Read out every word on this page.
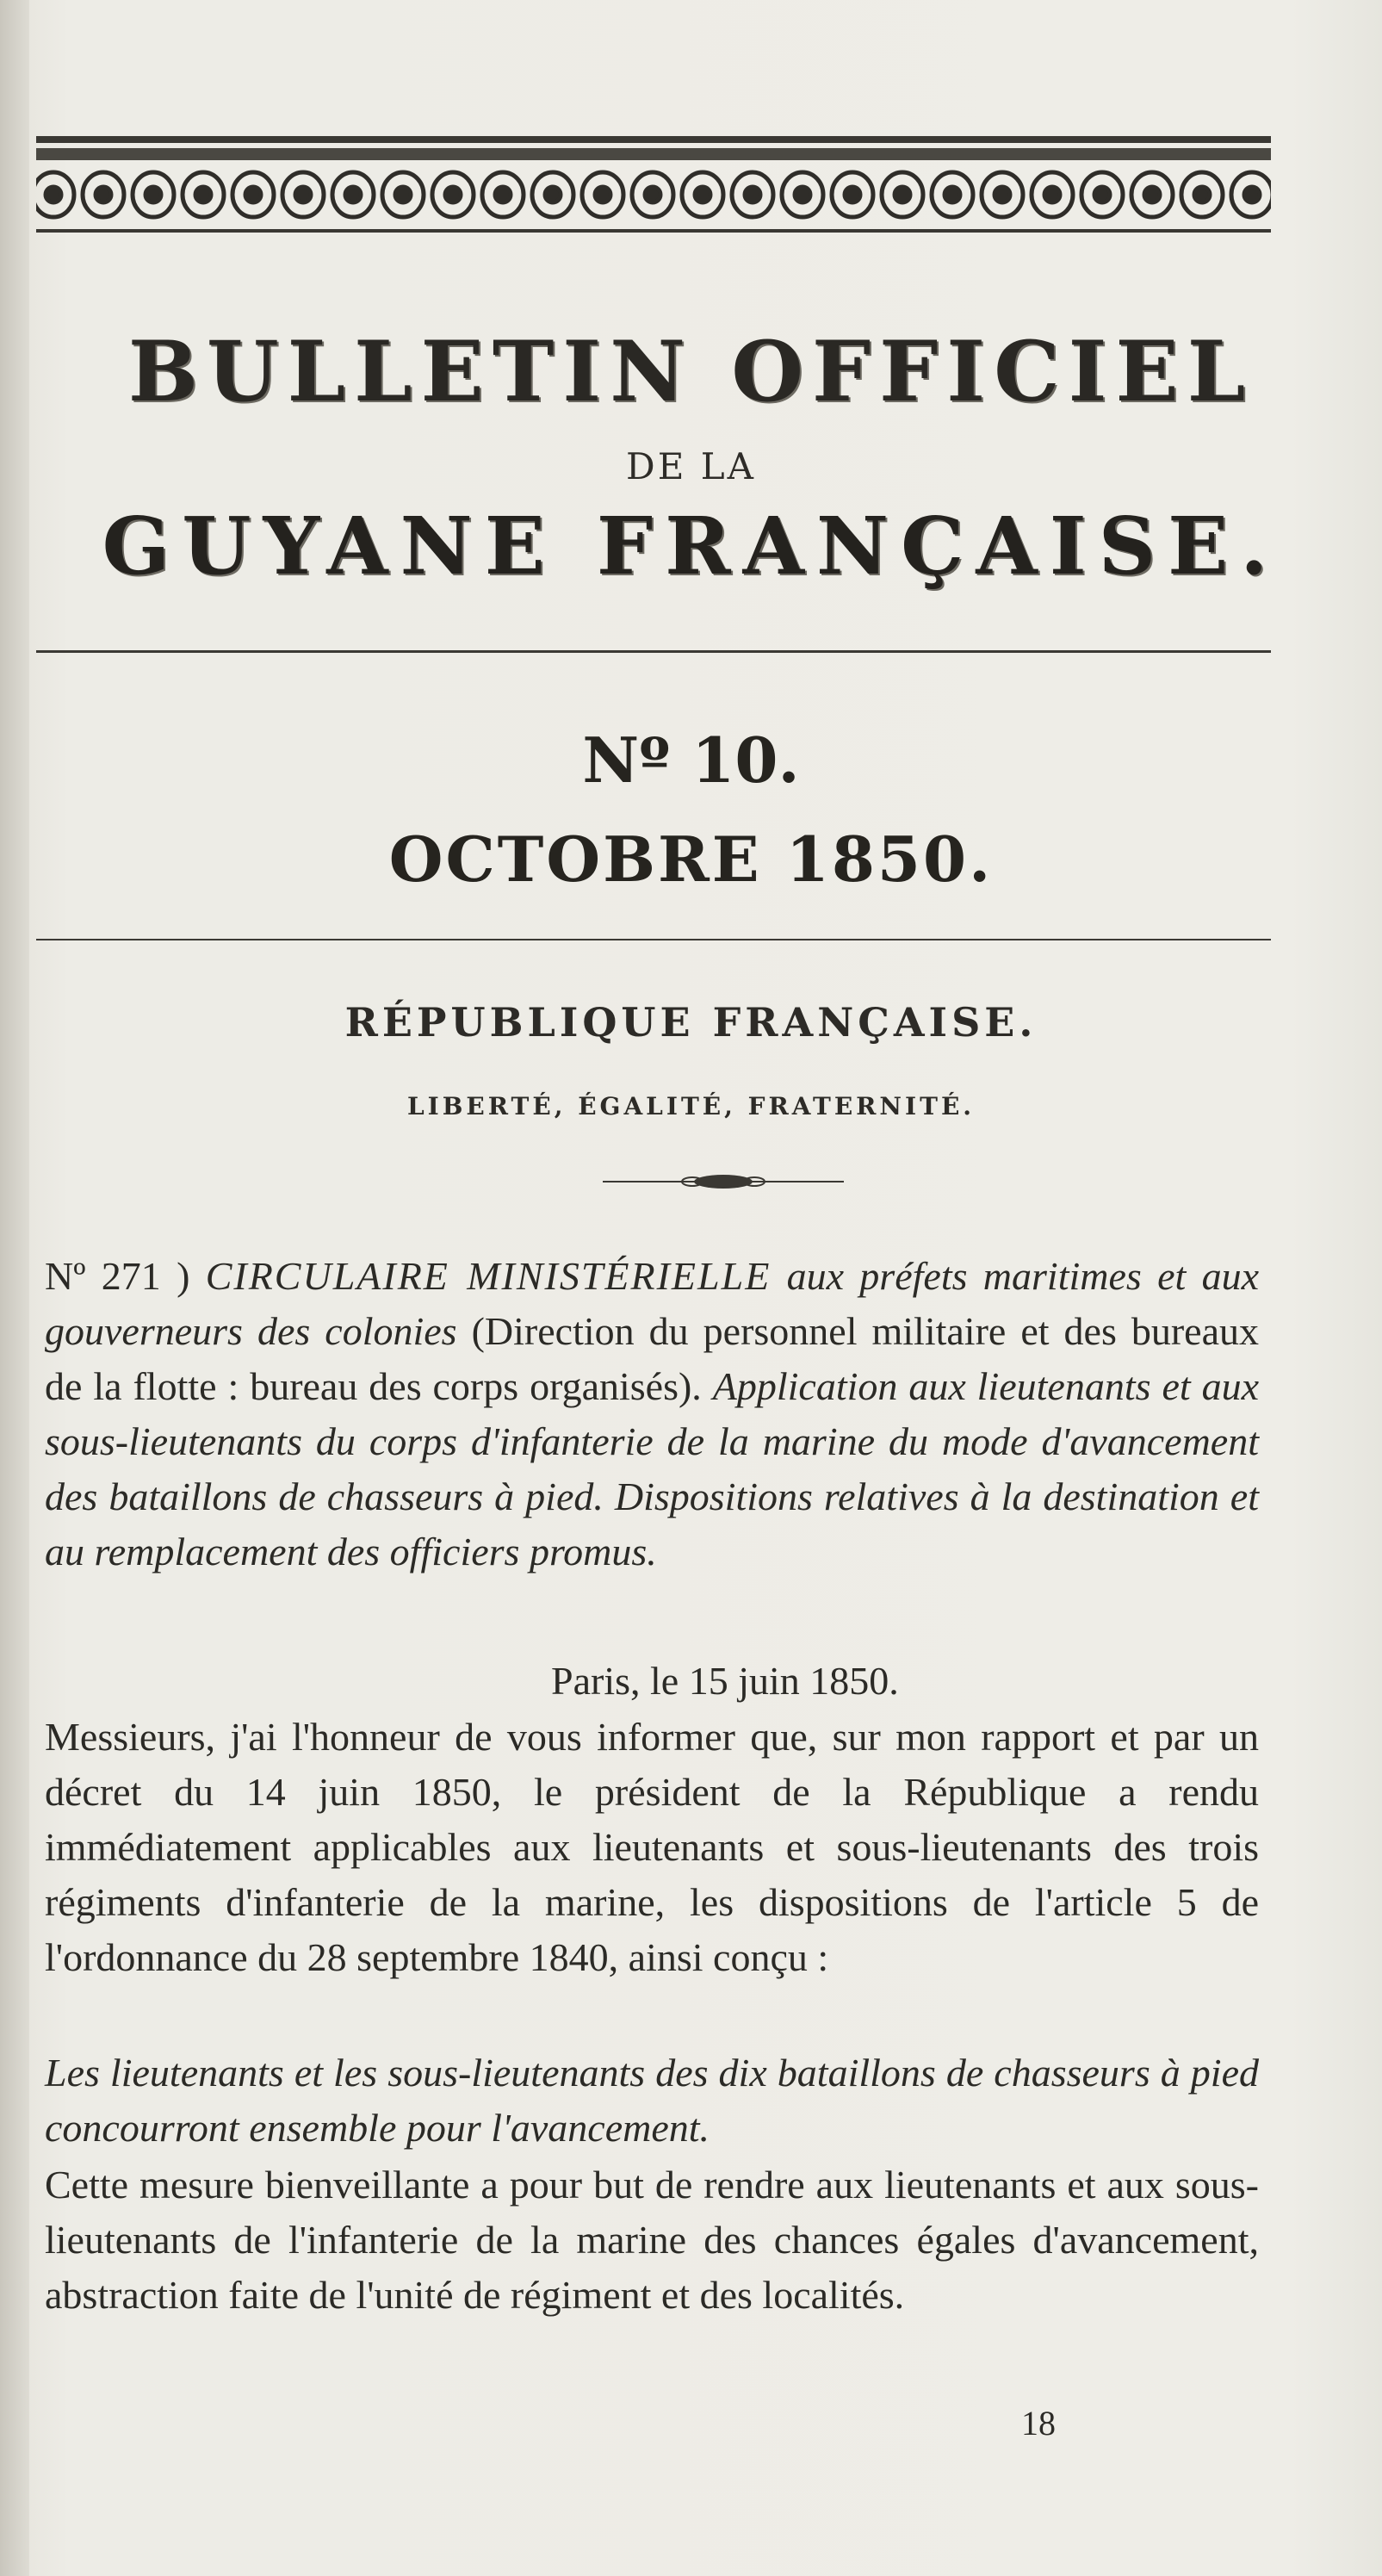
BULLETIN OFFICIEL
DE LA
GUYANE FRANÇAISE.
Nº 10.
OCTOBRE 1850.
RÉPUBLIQUE FRANÇAISE.
LIBERTÉ, ÉGALITÉ, FRATERNITÉ.
Nº 271 ) CIRCULAIRE MINISTÉRIELLE aux préfets maritimes et aux gouverneurs des colonies (Direction du personnel militaire et des bureaux de la flotte : bureau des corps organisés). Application aux lieutenants et aux sous-lieutenants du corps d'infanterie de la marine du mode d'avancement des bataillons de chasseurs à pied. Dispositions relatives à la destination et au remplacement des officiers promus.
Paris, le 15 juin 1850.
Messieurs, j'ai l'honneur de vous informer que, sur mon rapport et par un décret du 14 juin 1850, le président de la République a rendu immédiatement applicables aux lieutenants et sous-lieutenants des trois régiments d'infanterie de la marine, les dispositions de l'article 5 de l'ordonnance du 28 septembre 1840, ainsi conçu :
Les lieutenants et les sous-lieutenants des dix bataillons de chasseurs à pied concourront ensemble pour l'avancement.
Cette mesure bienveillante a pour but de rendre aux lieutenants et aux sous-lieutenants de l'infanterie de la marine des chances égales d'avancement, abstraction faite de l'unité de régiment et des localités.
18
